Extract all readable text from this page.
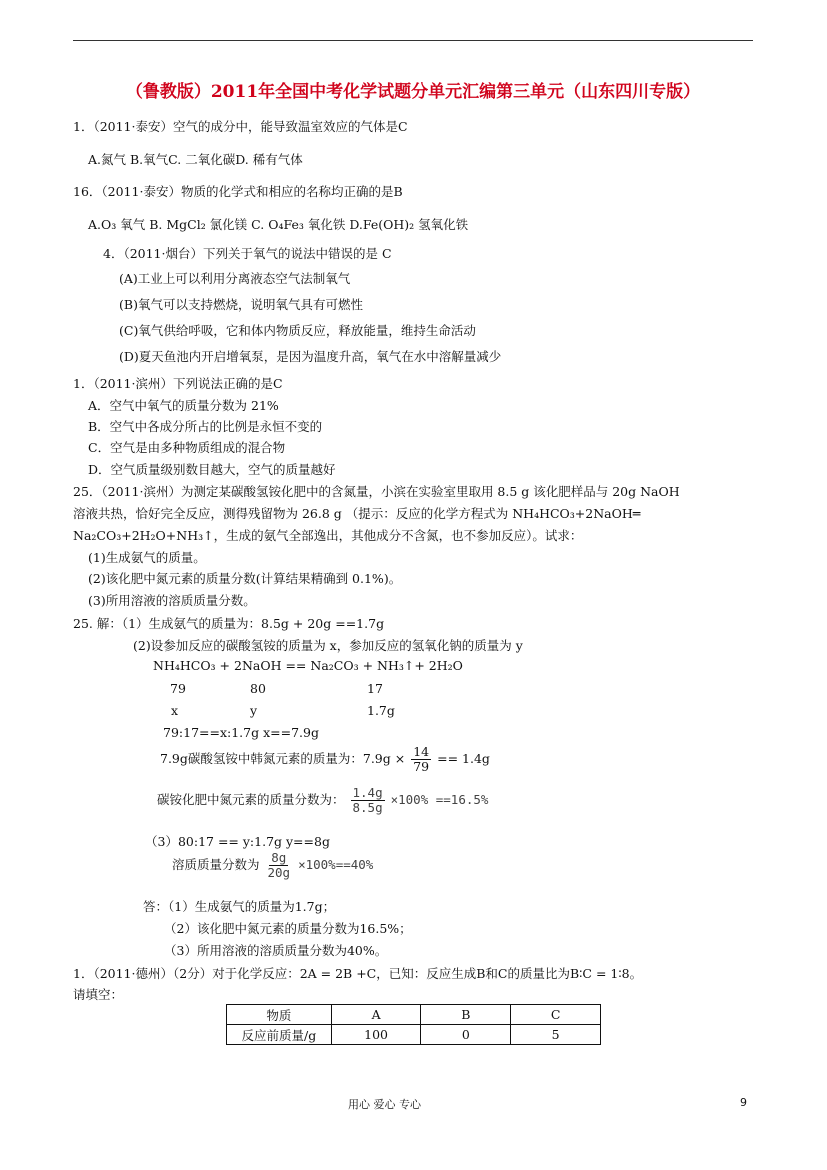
（鲁教版）2011年全国中考化学试题分单元汇编第三单元（山东四川专版）
1．（2011·泰安）空气的成分中，能导致温室效应的气体是C
A.氮气 B.氧气C. 二氧化碳D. 稀有气体
16．（2011·泰安）物质的化学式和相应的名称均正确的是B
A.O₃ 氧气 B. MgCl₂ 氯化镁 C. O₄Fe₃ 氧化铁 D.Fe(OH)₂ 氢氧化铁
4．（2011·烟台）下列关于氧气的说法中错误的是 C
(A)工业上可以利用分离液态空气法制氧气
(B)氧气可以支持燃烧，说明氧气具有可燃性
(C)氧气供给呼吸，它和体内物质反应，释放能量，维持生命活动
(D)夏天鱼池内开启增氧泵，是因为温度升高，氧气在水中溶解量减少
1．（2011·滨州）下列说法正确的是C
A．空气中氧气的质量分数为 21%
B．空气中各成分所占的比例是永恒不变的
C．空气是由多种物质组成的混合物
D．空气质量级别数目越大，空气的质量越好
25．（2011·滨州）为测定某碳酸氢铵化肥中的含氮量，小滨在实验室里取用 8.5 g 该化肥样品与 20g NaOH
溶液共热，恰好完全反应，测得残留物为 26.8 g （提示：反应的化学方程式为 NH₄HCO₃+2NaOH═
Na₂CO₃+2H₂O+NH₃↑，生成的氨气全部逸出，其他成分不含氮，也不参加反应）。试求：
(1)生成氨气的质量。
(2)该化肥中氮元素的质量分数(计算结果精确到 0.1%)。
(3)所用溶液的溶质质量分数。
25. 解：（1）生成氨气的质量为：8.5g + 20g ==1.7g
(2)设参加反应的碳酸氢铵的质量为 x，参加反应的氢氧化钠的质量为 y
NH₄HCO₃ + 2NaOH == Na₂CO₃ + NH₃↑+ 2H₂O
79	80	17
x	y	1.7g
79:17==x:1.7g x==7.9g
7.9g碳酸氢铵中韩氮元素的质量为：$7.9g \times \frac{14}{79} == 1.4g$
碳铵化肥中氮元素的质量分数为： $\frac{1.4g}{8.5g} \times 100\% ==16.5\%$
（3）80:17 == y:1.7g y==8g
溶质质量分数为 $\frac{8g}{20g} \times 100\%==40\%$
答：（1）生成氨气的质量为1.7g；
（2）该化肥中氮元素的质量分数为16.5%；
（3）所用溶液的溶质质量分数为40%。
1．（2011·德州）（2分）对于化学反应：2A = 2B +C，已知：反应生成B和C的质量比为B∶C = 1∶8。
请填空：
物质	A	B	C
反应前质量/g	100	0	5
用心 爱心 专心	9
